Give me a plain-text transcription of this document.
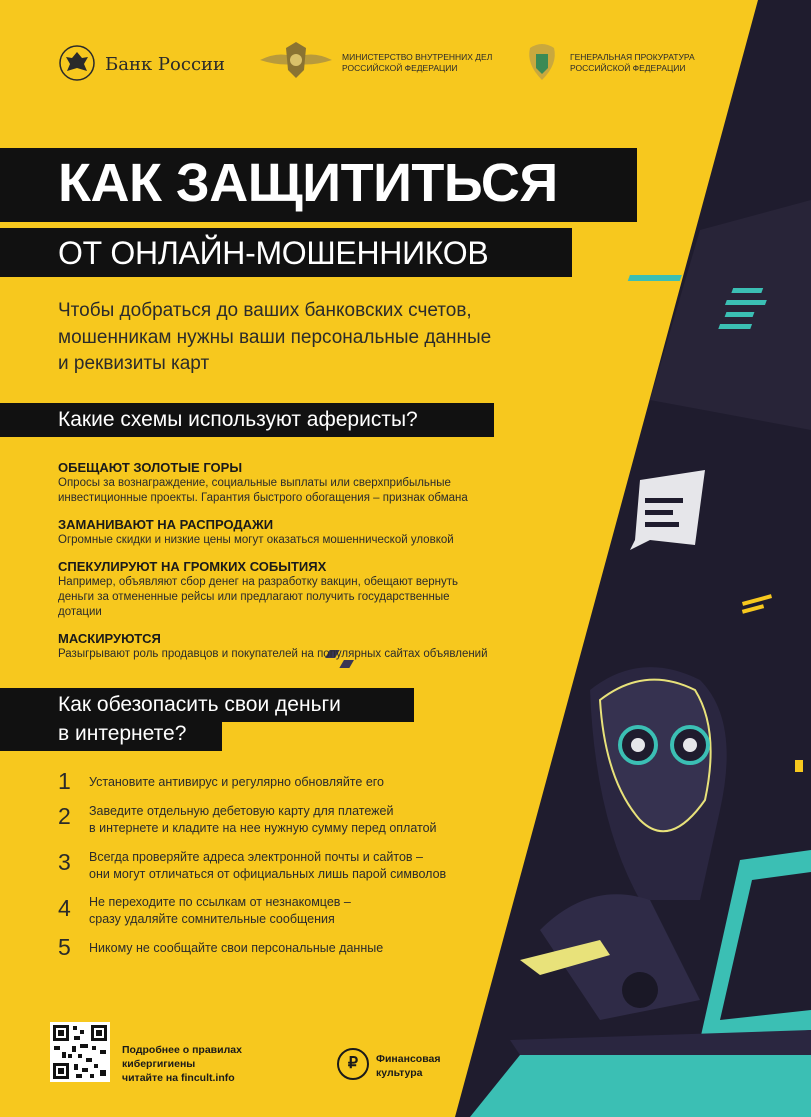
Банк России	МИНИСТЕРСТВО ВНУТРЕННИХ ДЕЛ
РОССИЙСКОЙ ФЕДЕРАЦИИ
ГЕНЕРАЛЬНАЯ ПРОКУРАТУРА
РОССИЙСКОЙ ФЕДЕРАЦИИ
КАК ЗАЩИТИТЬСЯ
ОТ ОНЛАЙН-МОШЕННИКОВ
Чтобы добраться до ваших банковских счетов,
мошенникам нужны ваши персональные данные
и реквизиты карт
Какие схемы используют аферисты?
ОБЕЩАЮТ ЗОЛОТЫЕ ГОРЫ
Опросы за вознаграждение, социальные выплаты или сверхприбыльные
инвестиционные проекты. Гарантия быстрого обогащения – признак обмана
ЗАМАНИВАЮТ НА РАСПРОДАЖИ
Огромные скидки и низкие цены могут оказаться мошеннической уловкой
СПЕКУЛИРУЮТ НА ГРОМКИХ СОБЫТИЯХ
Например, объявляют сбор денег на разработку вакцин, обещают вернуть
деньги за отмененные рейсы или предлагают получить государственные
дотации
МАСКИРУЮТСЯ
Разыгрывают роль продавцов и покупателей на популярных сайтах объявлений
Как обезопасить свои деньги
в интернете?
1 Установите антивирус и регулярно обновляйте его
2 Заведите отдельную дебетовую карту для платежей
в интернете и кладите на нее нужную сумму перед оплатой
3 Всегда проверяйте адреса электронной почты и сайтов –
они могут отличаться от официальных лишь парой символов
4 Не переходите по ссылкам от незнакомцев –
сразу удаляйте сомнительные сообщения
5 Никому не сообщайте свои персональные данные
Подробнее о правилах
кибергигиены
читайте на fincult.info
₽	Финансовая
культура
